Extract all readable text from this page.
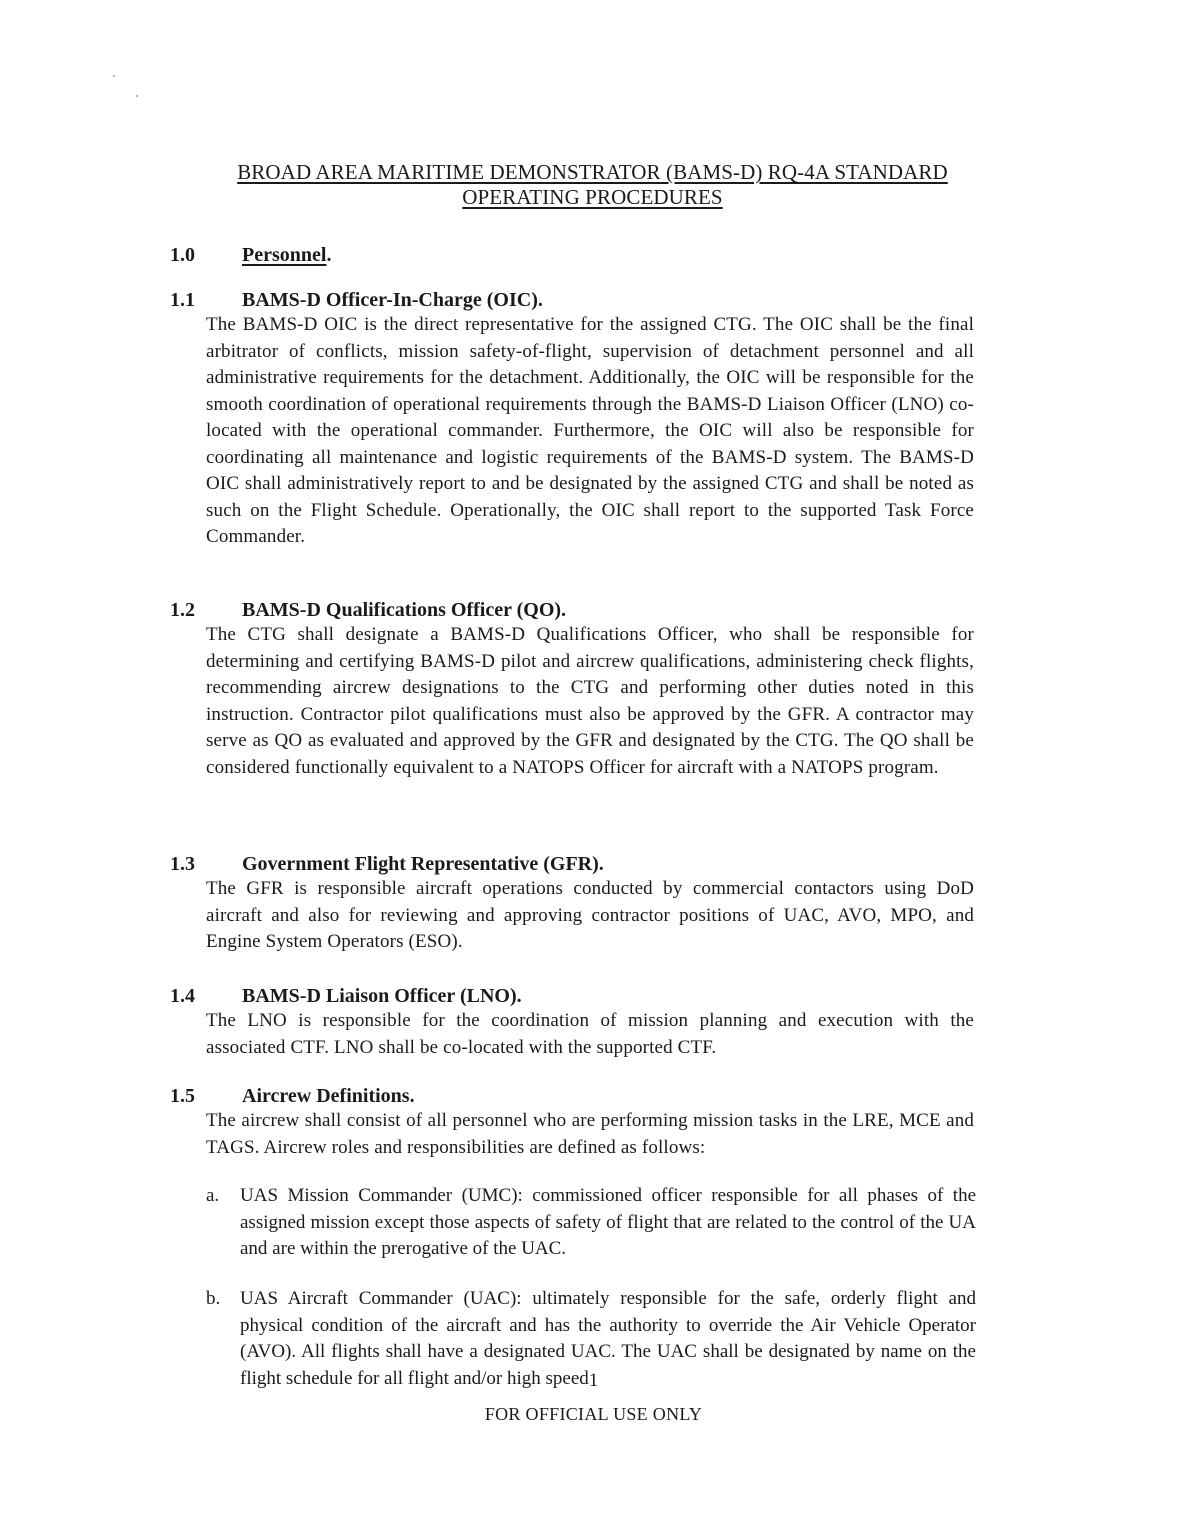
BROAD AREA MARITIME DEMONSTRATOR (BAMS-D) RQ-4A STANDARD
OPERATING PROCEDURES
1.0 Personnel.
1.1 BAMS-D Officer-In-Charge (OIC).
The BAMS-D OIC is the direct representative for the assigned CTG. The OIC shall be the final arbitrator of conflicts, mission safety-of-flight, supervision of detachment personnel and all administrative requirements for the detachment. Additionally, the OIC will be responsible for the smooth coordination of operational requirements through the BAMS-D Liaison Officer (LNO) co-located with the operational commander. Furthermore, the OIC will also be responsible for coordinating all maintenance and logistic requirements of the BAMS-D system. The BAMS-D OIC shall administratively report to and be designated by the assigned CTG and shall be noted as such on the Flight Schedule. Operationally, the OIC shall report to the supported Task Force Commander.
1.2 BAMS-D Qualifications Officer (QO).
The CTG shall designate a BAMS-D Qualifications Officer, who shall be responsible for determining and certifying BAMS-D pilot and aircrew qualifications, administering check flights, recommending aircrew designations to the CTG and performing other duties noted in this instruction. Contractor pilot qualifications must also be approved by the GFR. A contractor may serve as QO as evaluated and approved by the GFR and designated by the CTG. The QO shall be considered functionally equivalent to a NATOPS Officer for aircraft with a NATOPS program.
1.3 Government Flight Representative (GFR).
The GFR is responsible aircraft operations conducted by commercial contactors using DoD aircraft and also for reviewing and approving contractor positions of UAC, AVO, MPO, and Engine System Operators (ESO).
1.4 BAMS-D Liaison Officer (LNO).
The LNO is responsible for the coordination of mission planning and execution with the associated CTF. LNO shall be co-located with the supported CTF.
1.5 Aircrew Definitions.
The aircrew shall consist of all personnel who are performing mission tasks in the LRE, MCE and TAGS. Aircrew roles and responsibilities are defined as follows:
a.	UAS Mission Commander (UMC): commissioned officer responsible for all phases of the assigned mission except those aspects of safety of flight that are related to the control of the UA and are within the prerogative of the UAC.
b.	UAS Aircraft Commander (UAC): ultimately responsible for the safe, orderly flight and physical condition of the aircraft and has the authority to override the Air Vehicle Operator (AVO). All flights shall have a designated UAC. The UAC shall be designated by name on the flight schedule for all flight and/or high speed 1
FOR OFFICIAL USE ONLY
